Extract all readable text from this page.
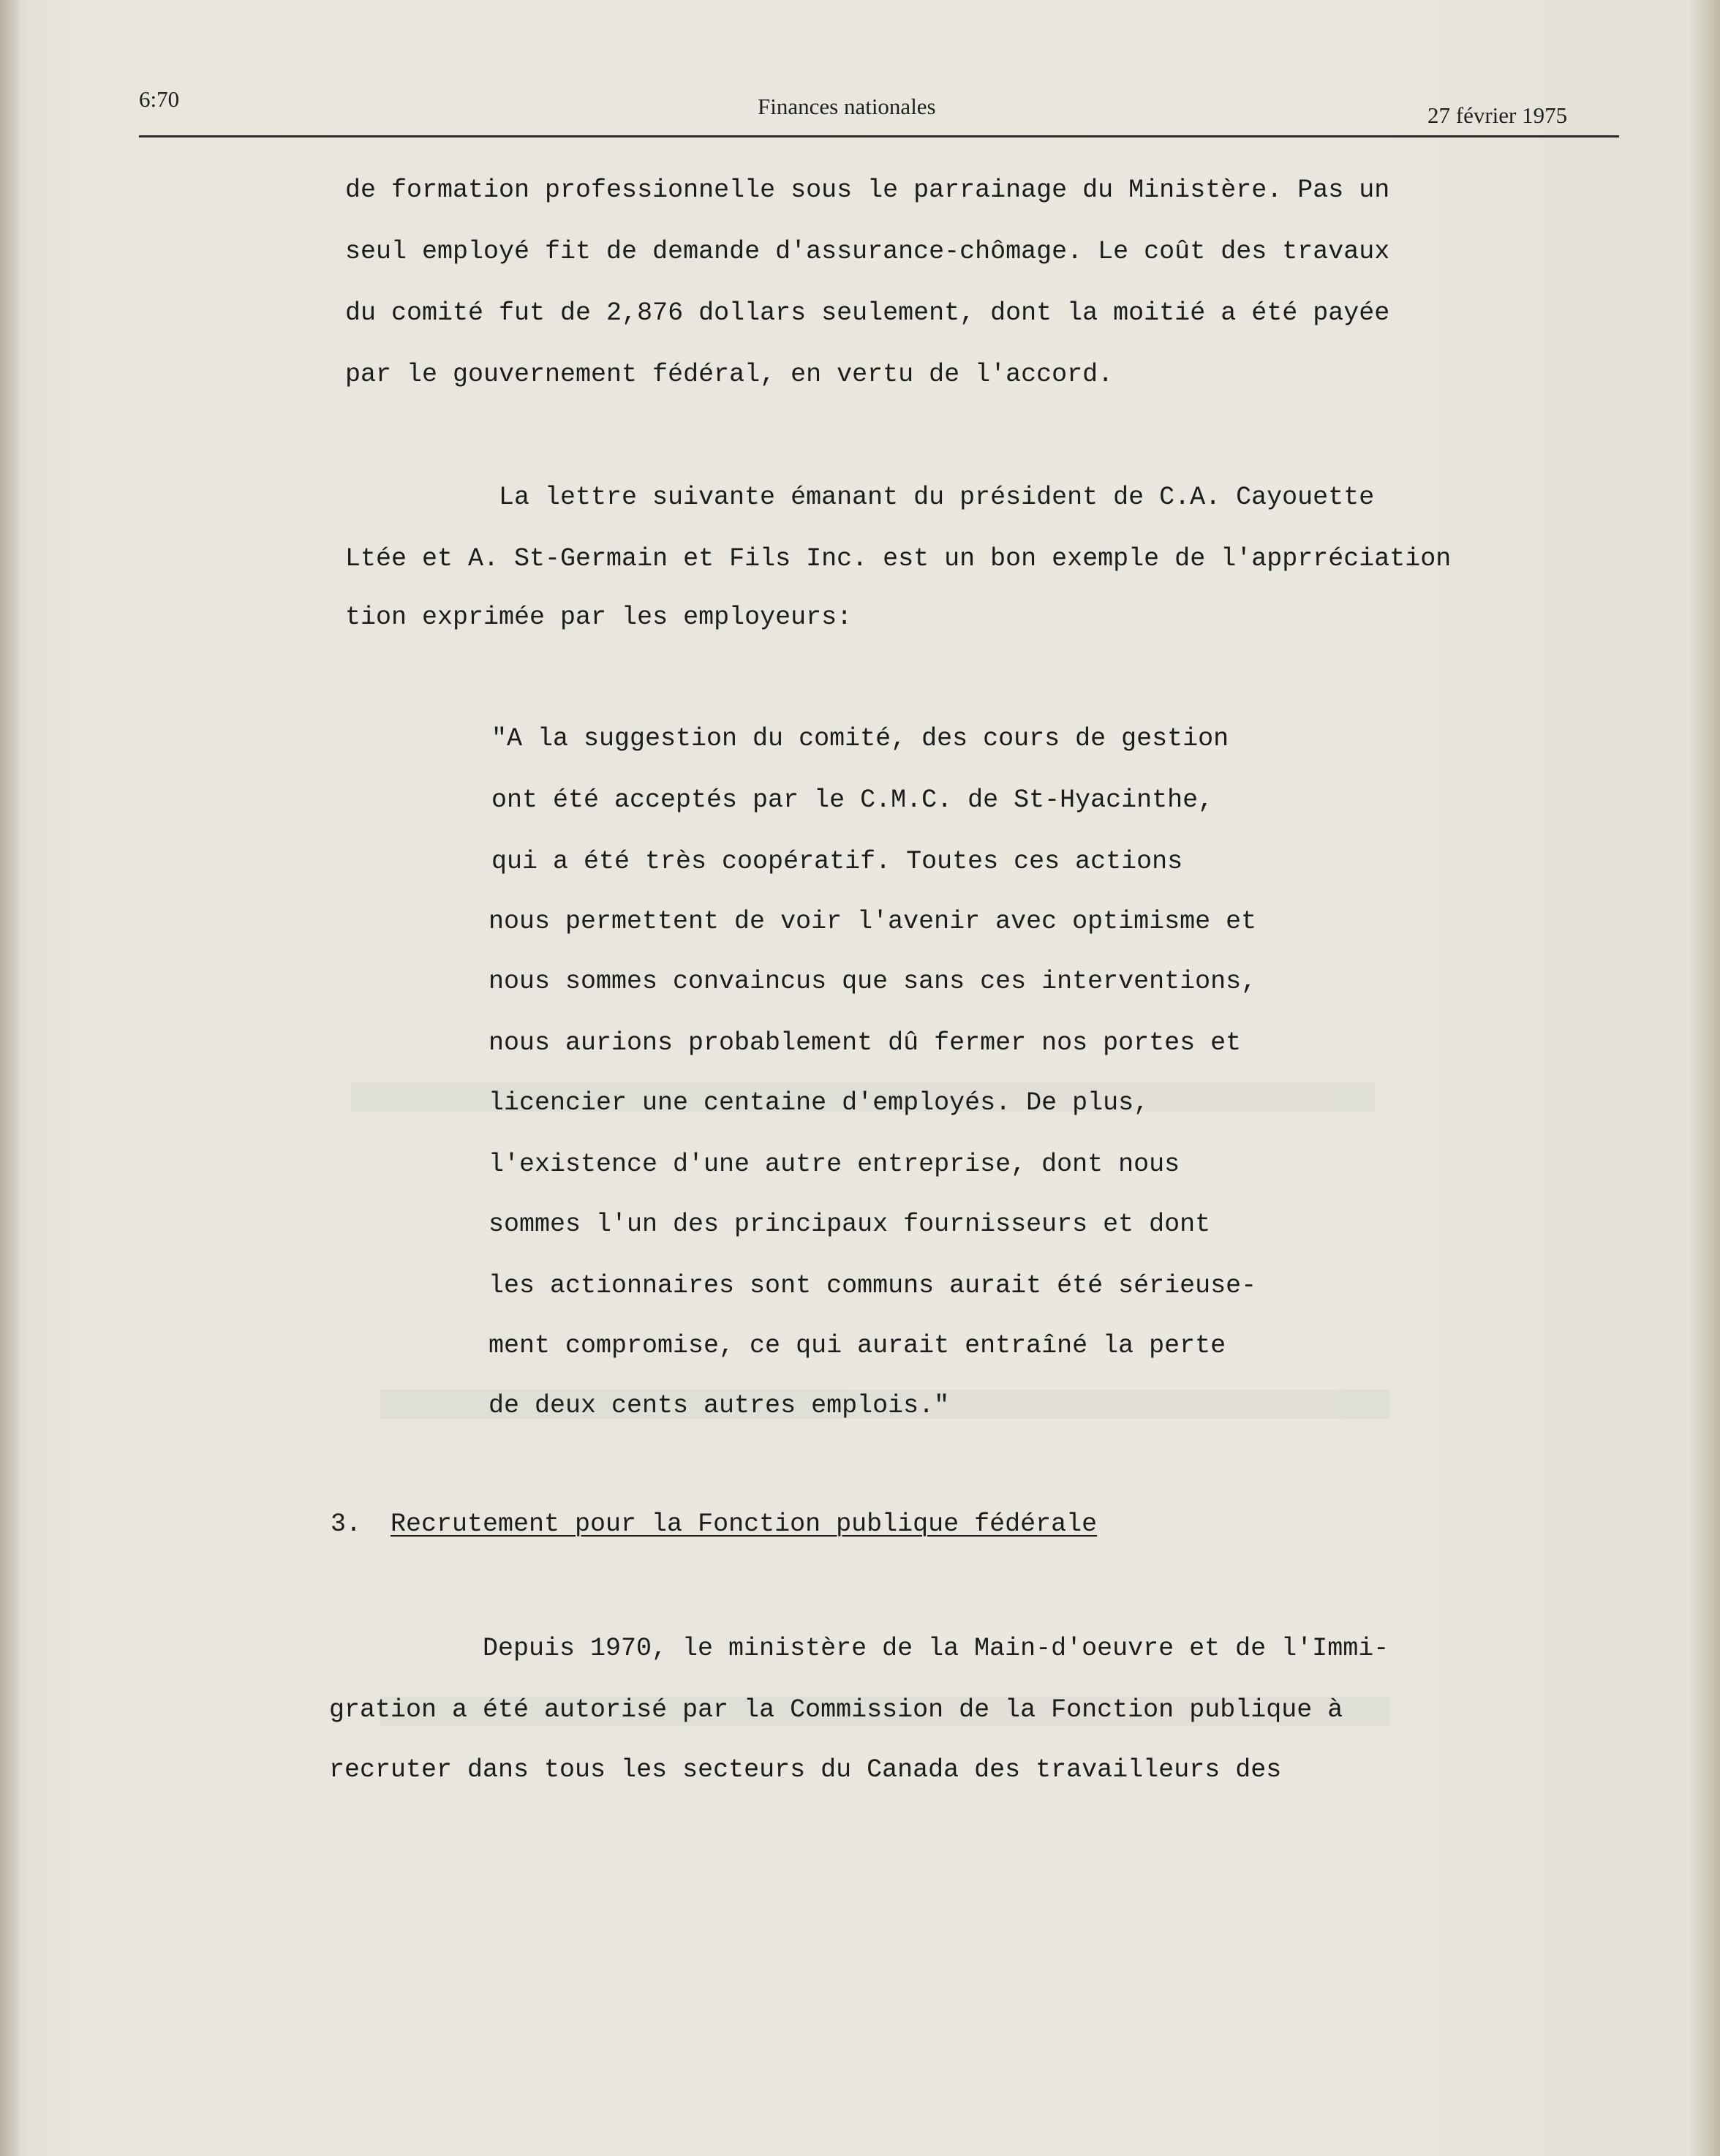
6:70	Finances nationales	27 février 1975
de formation professionnelle sous le parrainage du Ministère. Pas un
seul employé fit de demande d'assurance-chômage. Le coût des travaux
du comité fut de 2,876 dollars seulement, dont la moitié a été payée
par le gouvernement fédéral, en vertu de l'accord.
La lettre suivante émanant du président de C.A. Cayouette
Ltée et A. St-Germain et Fils Inc. est un bon exemple de l'apprréciation
tion exprimée par les employeurs:
"A la suggestion du comité, des cours de gestion
ont été acceptés par le C.M.C. de St-Hyacinthe,
qui a été très coopératif. Toutes ces actions
nous permettent de voir l'avenir avec optimisme et
nous sommes convaincus que sans ces interventions,
nous aurions probablement dû fermer nos portes et
licencier une centaine d'employés. De plus,
l'existence d'une autre entreprise, dont nous
sommes l'un des principaux fournisseurs et dont
les actionnaires sont communs aurait été sérieuse-
ment compromise, ce qui aurait entraîné la perte
de deux cents autres emplois."
3. Recrutement pour la Fonction publique fédérale
Depuis 1970, le ministère de la Main-d'oeuvre et de l'Immi-
gration a été autorisé par la Commission de la Fonction publique à
recruter dans tous les secteurs du Canada des travailleurs des
